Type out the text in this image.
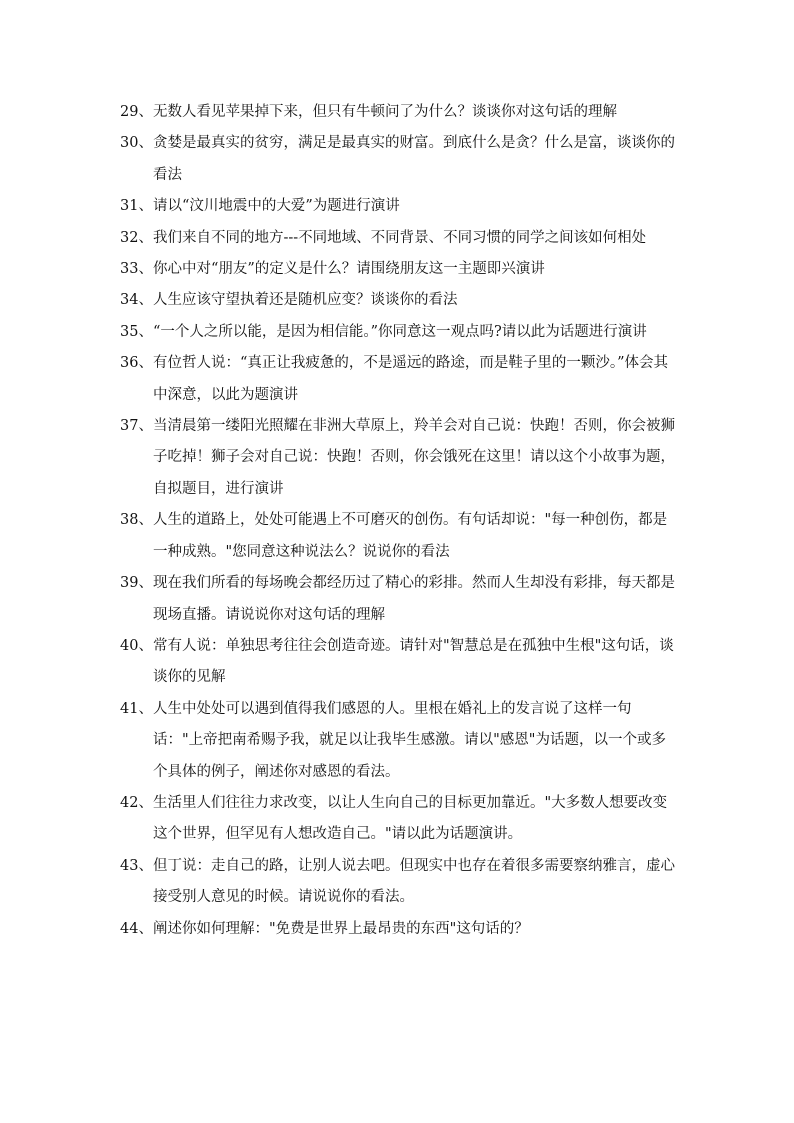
29、 无数人看见苹果掉下来，但只有牛顿问了为什么？谈谈你对这句话的理解
30、 贪婪是最真实的贫穷，满足是最真实的财富。到底什么是贪？什么是富，谈谈你的看法
31、 请以“汶川地震中的大爱”为题进行演讲
32、 我们来自不同的地方---不同地域、不同背景、不同习惯的同学之间该如何相处
33、 你心中对“朋友”的定义是什么？请围绕朋友这一主题即兴演讲
34、 人生应该守望执着还是随机应变？谈谈你的看法
35、 “一个人之所以能，是因为相信能。”你同意这一观点吗?请以此为话题进行演讲
36、 有位哲人说：“真正让我疲惫的，不是遥远的路途，而是鞋子里的一颗沙。”体会其中深意，以此为题演讲
37、 当清晨第一缕阳光照耀在非洲大草原上，羚羊会对自己说：快跑！否则，你会被狮子吃掉！狮子会对自己说：快跑！否则，你会饿死在这里！请以这个小故事为题，自拟题目，进行演讲
38、 人生的道路上，处处可能遇上不可磨灭的创伤。有句话却说："每一种创伤，都是一种成熟。"您同意这种说法么？说说你的看法
39、 现在我们所看的每场晚会都经历过了精心的彩排。然而人生却没有彩排，每天都是现场直播。请说说你对这句话的理解
40、 常有人说：单独思考往往会创造奇迹。请针对"智慧总是在孤独中生根"这句话，谈谈你的见解
41、 人生中处处可以遇到值得我们感恩的人。里根在婚礼上的发言说了这样一句话："上帝把南希赐予我，就足以让我毕生感激。请以"感恩"为话题，以一个或多个具体的例子，阐述你对感恩的看法。
42、 生活里人们往往力求改变，以让人生向自己的目标更加靠近。"大多数人想要改变这个世界，但罕见有人想改造自己。"请以此为话题演讲。
43、 但丁说：走自己的路，让别人说去吧。但现实中也存在着很多需要察纳雅言，虚心接受别人意见的时候。请说说你的看法。
44、 阐述你如何理解："免费是世界上最昂贵的东西"这句话的？
